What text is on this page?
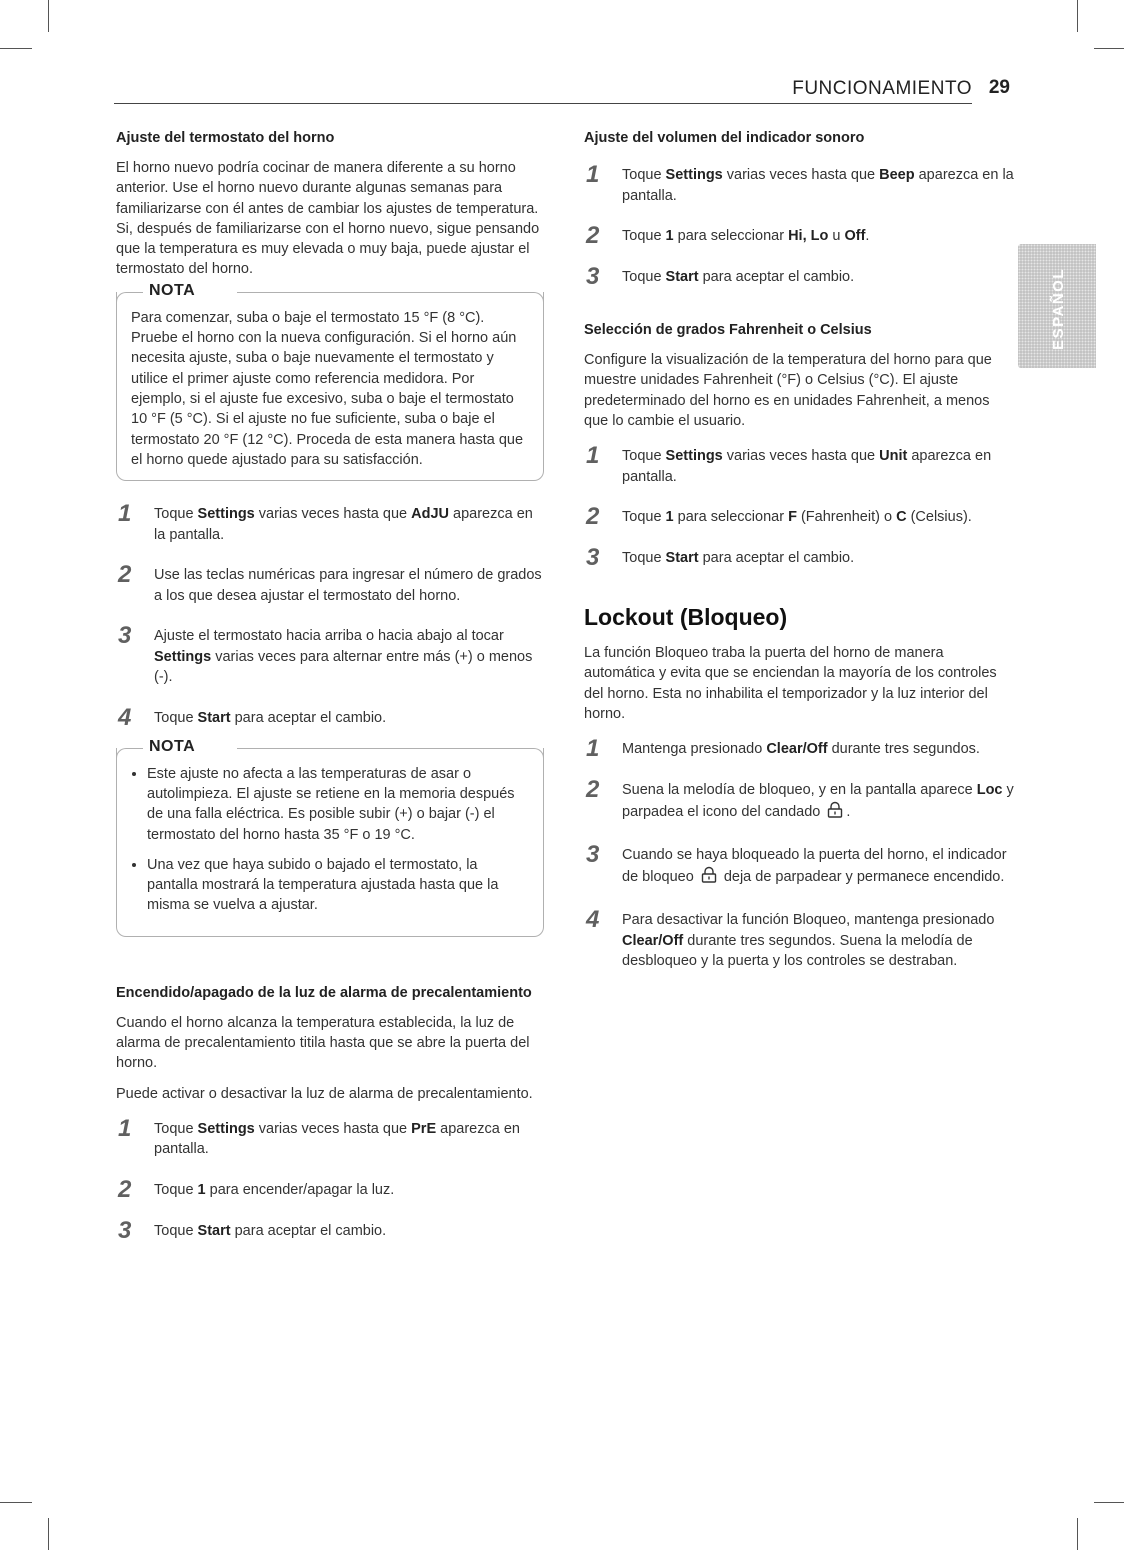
FUNCIONAMIENTO 29
ESPAÑOL
Ajuste del termostato del horno

El horno nuevo podría cocinar de manera diferente a su horno anterior. Use el horno nuevo durante algunas semanas para familiarizarse con él antes de cambiar los ajustes de temperatura. Si, después de familiarizarse con el horno nuevo, sigue pensando que la temperatura es muy elevada o muy baja, puede ajustar el termostato del horno.

NOTA

Para comenzar, suba o baje el termostato 15 °F (8 °C). Pruebe el horno con la nueva configuración. Si el horno aún necesita ajuste, suba o baje nuevamente el termostato y utilice el primer ajuste como referencia medidora. Por ejemplo, si el ajuste fue excesivo, suba o baje el termostato 10 °F (5 °C). Si el ajuste no fue suficiente, suba o baje el termostato 20 °F (12 °C). Proceda de esta manera hasta que el horno quede ajustado para su satisfacción.

1	Toque Settings varias veces hasta que AdJU aparezca en la pantalla.
2	Use las teclas numéricas para ingresar el número de grados a los que desea ajustar el termostato del horno.
3	Ajuste el termostato hacia arriba o hacia abajo al tocar Settings varias veces para alternar entre más (+) o menos (-).
4	Toque Start para aceptar el cambio.
NOTA
• Este ajuste no afecta a las temperaturas de asar o autolimpieza. El ajuste se retiene en la memoria después de una falla eléctrica. Es posible subir (+) o bajar (-) el termostato del horno hasta 35 °F o 19 °C.
• Una vez que haya subido o bajado el termostato, la pantalla mostrará la temperatura ajustada hasta que la misma se vuelva a ajustar.
Encendido/apagado de la luz de alarma de precalentamiento

Cuando el horno alcanza la temperatura establecida, la luz de alarma de precalentamiento titila hasta que se abre la puerta del horno.

Puede activar o desactivar la luz de alarma de precalentamiento.

1	Toque Settings varias veces hasta que PrE aparezca en pantalla.
2	Toque 1 para encender/apagar la luz.
3	Toque Start para aceptar el cambio.
Ajuste del volumen del indicador sonoro
1	Toque Settings varias veces hasta que Beep aparezca en la pantalla.
2	Toque 1 para seleccionar Hi, Lo u Off.
3	Toque Start para aceptar el cambio.
Selección de grados Fahrenheit o Celsius

Configure la visualización de la temperatura del horno para que muestre unidades Fahrenheit (°F) o Celsius (°C). El ajuste predeterminado del horno es en unidades Fahrenheit, a menos que lo cambie el usuario.

1	Toque Settings varias veces hasta que Unit aparezca en pantalla.
2	Toque 1 para seleccionar F (Fahrenheit) o C (Celsius).
3	Toque Start para aceptar el cambio.
Lockout (Bloqueo)

La función Bloqueo traba la puerta del horno de manera automática y evita que se enciendan la mayoría de los controles del horno. Esta no inhabilita el temporizador y la luz interior del horno.

1	Mantenga presionado Clear/Off durante tres segundos.
2	Suena la melodía de bloqueo, y en la pantalla aparece Loc y parpadea el icono del candado .
3	Cuando se haya bloqueado la puerta del horno, el indicador de bloqueo  deja de parpadear y permanece encendido.
4	Para desactivar la función Bloqueo, mantenga presionado Clear/Off durante tres segundos. Suena la melodía de desbloqueo y la puerta y los controles se destraban.
